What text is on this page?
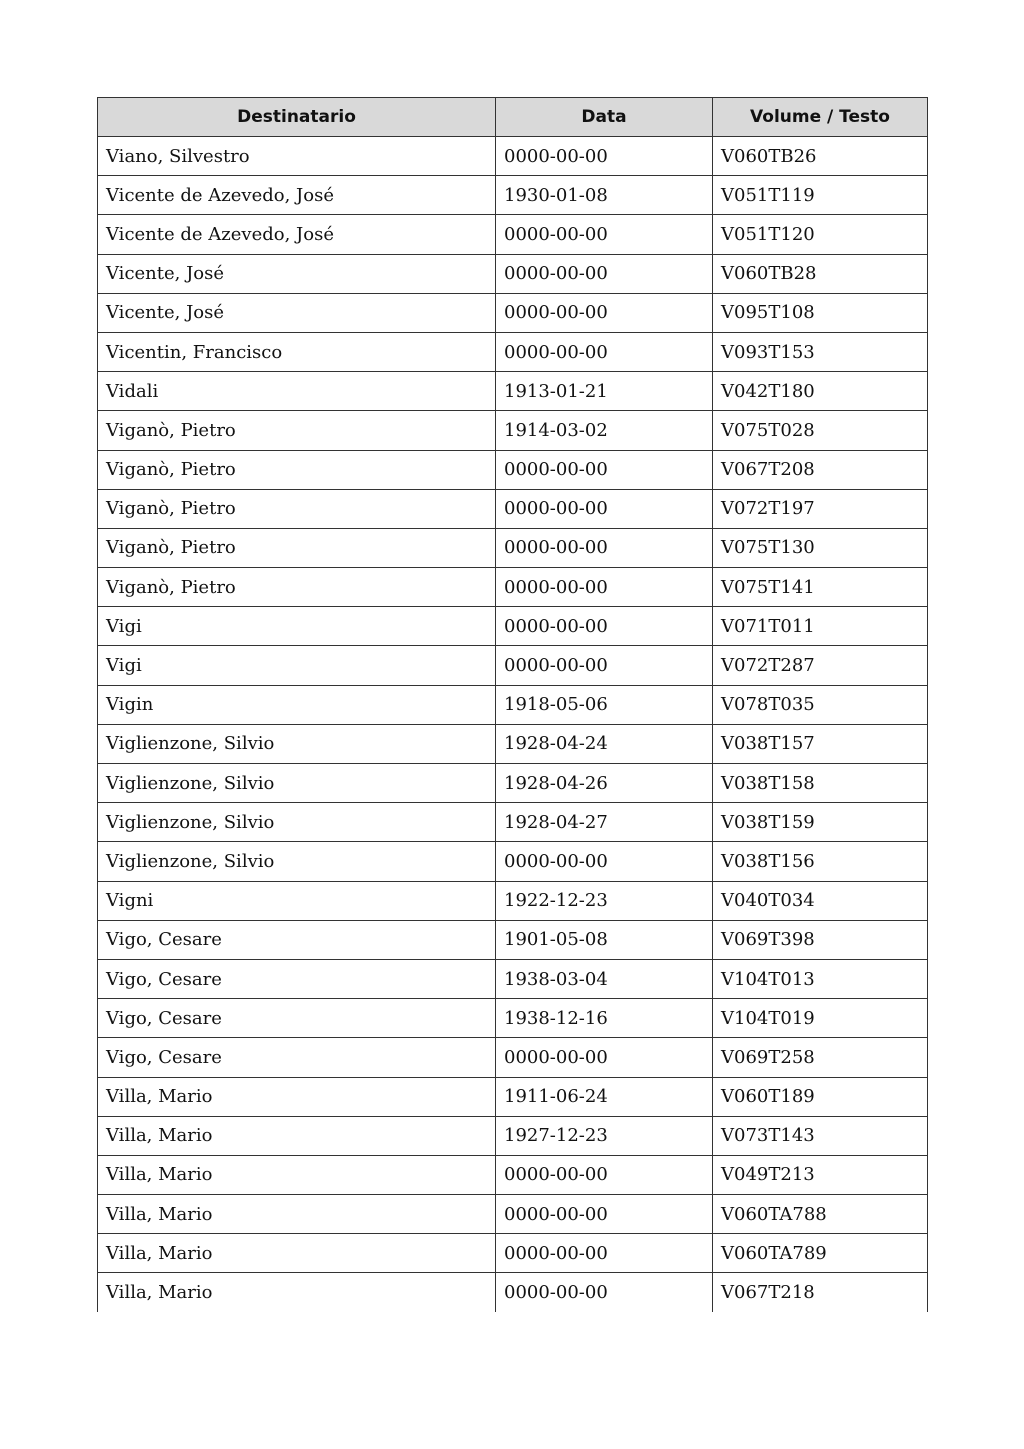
Destinatario	Data	Volume / Testo
Viano, Silvestro	0000-00-00	V060TB26
Vicente de Azevedo, José	1930-01-08	V051T119
Vicente de Azevedo, José	0000-00-00	V051T120
Vicente, José	0000-00-00	V060TB28
Vicente, José	0000-00-00	V095T108
Vicentin, Francisco	0000-00-00	V093T153
Vidali	1913-01-21	V042T180
Viganò, Pietro	1914-03-02	V075T028
Viganò, Pietro	0000-00-00	V067T208
Viganò, Pietro	0000-00-00	V072T197
Viganò, Pietro	0000-00-00	V075T130
Viganò, Pietro	0000-00-00	V075T141
Vigi	0000-00-00	V071T011
Vigi	0000-00-00	V072T287
Vigin	1918-05-06	V078T035
Viglienzone, Silvio	1928-04-24	V038T157
Viglienzone, Silvio	1928-04-26	V038T158
Viglienzone, Silvio	1928-04-27	V038T159
Viglienzone, Silvio	0000-00-00	V038T156
Vigni	1922-12-23	V040T034
Vigo, Cesare	1901-05-08	V069T398
Vigo, Cesare	1938-03-04	V104T013
Vigo, Cesare	1938-12-16	V104T019
Vigo, Cesare	0000-00-00	V069T258
Villa, Mario	1911-06-24	V060T189
Villa, Mario	1927-12-23	V073T143
Villa, Mario	0000-00-00	V049T213
Villa, Mario	0000-00-00	V060TA788
Villa, Mario	0000-00-00	V060TA789
Villa, Mario	0000-00-00	V067T218
